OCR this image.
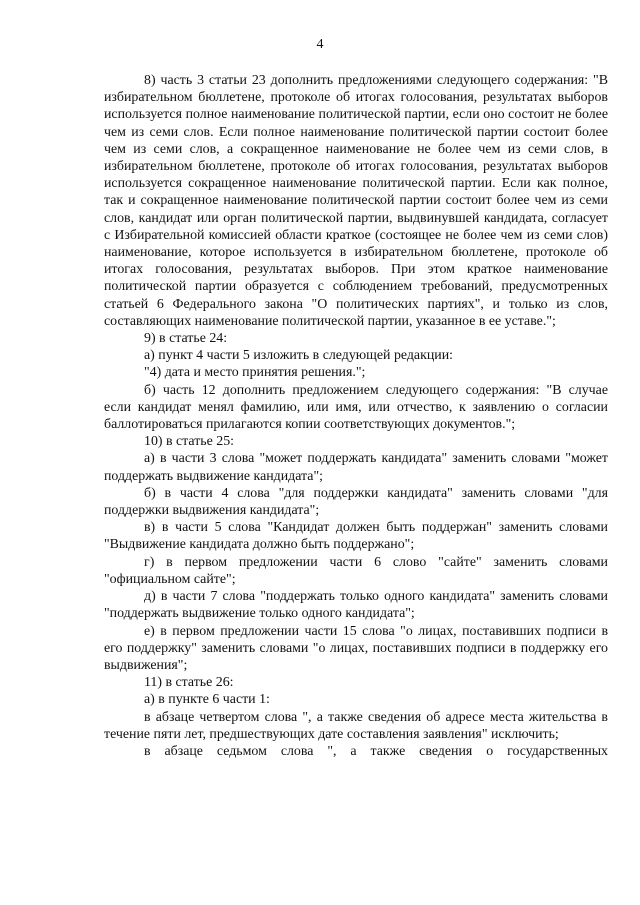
4

8) часть 3 статьи 23 дополнить предложениями следующего содержания: "В избирательном бюллетене, протоколе об итогах голосования, результатах выборов используется полное наименование политической партии, если оно состоит не более чем из семи слов. Если полное наименование политической партии состоит более чем из семи слов, а сокращенное наименование не более чем из семи слов, в избирательном бюллетене, протоколе об итогах голосования, результатах выборов используется сокращенное наименование политической партии. Если как полное, так и сокращенное наименование политической партии состоит более чем из семи слов, кандидат или орган политической партии, выдвинувшей кандидата, согласует с Избирательной комиссией области краткое (состоящее не более чем из семи слов) наименование, которое используется в избирательном бюллетене, протоколе об итогах голосования, результатах выборов. При этом краткое наименование политической партии образуется с соблюдением требований, предусмотренных статьей 6 Федерального закона "О политических партиях", и только из слов, составляющих наименование политической партии, указанное в ее уставе.";

9) в статье 24:

а) пункт 4 части 5 изложить в следующей редакции:

"4) дата и место принятия решения.";

б) часть 12 дополнить предложением следующего содержания: "В случае если кандидат менял фамилию, или имя, или отчество, к заявлению о согласии баллотироваться прилагаются копии соответствующих документов.";

10) в статье 25:

а) в части 3 слова "может поддержать кандидата" заменить словами "может поддержать выдвижение кандидата";

б) в части 4 слова "для поддержки кандидата" заменить словами "для поддержки выдвижения кандидата";

в) в части 5 слова "Кандидат должен быть поддержан" заменить словами "Выдвижение кандидата должно быть поддержано";

г) в первом предложении части 6 слово "сайте" заменить словами "официальном сайте";

д) в части 7 слова "поддержать только одного кандидата" заменить словами "поддержать выдвижение только одного кандидата";

е) в первом предложении части 15 слова "о лицах, поставивших подписи в его поддержку" заменить словами "о лицах, поставивших подписи в поддержку его выдвижения";

11) в статье 26:

а) в пункте 6 части 1:

в абзаце четвертом слова ", а также сведения об адресе места жительства в течение пяти лет, предшествующих дате составления заявления" исключить;

в абзаце седьмом слова ", а также сведения о государственных
